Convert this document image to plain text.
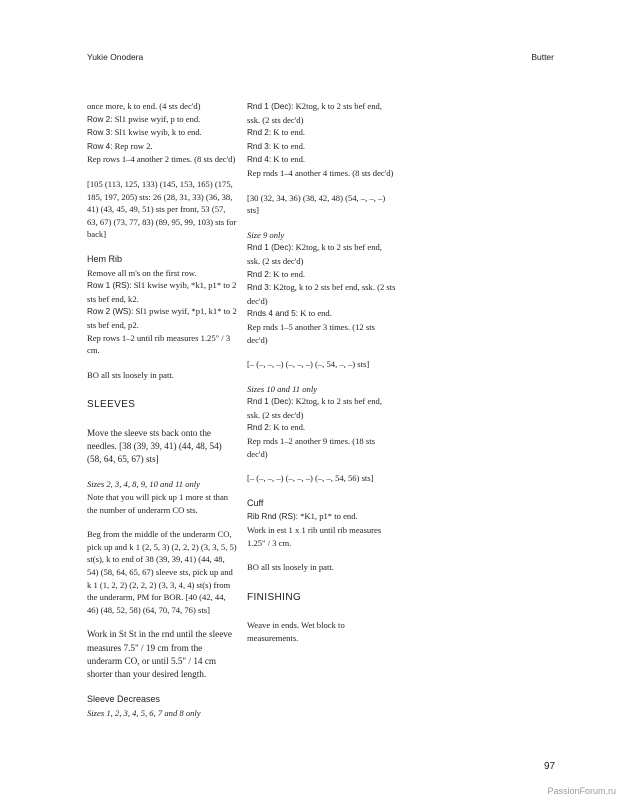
Yukie Onodera	Butter

once more, k to end. (4 sts dec'd)

Row 2: Sl1 pwise wyif, p to end.

Row 3: Sl1 kwise wyib, k to end.

Row 4: Rep row 2.

Rep rows 1–4 another 2 times. (8 sts dec'd)

[105 (113, 125, 133) (145, 153, 165) (175, 185, 197, 205) sts: 26 (28, 31, 33) (36, 38, 41) (43, 45, 49, 51) sts per front, 53 (57, 63, 67) (73, 77, 83) (89, 95, 99, 103) sts for back]

Hem Rib

Remove all m's on the first row.

Row 1 (RS): Sl1 kwise wyib, *k1, p1* to 2 sts bef end, k2.

Row 2 (WS): Sl1 pwise wyif, *p1, k1* to 2 sts bef end, p2.

Rep rows 1–2 until rib measures 1.25" / 3 cm.

BO all sts loosely in patt.

SLEEVES

Move the sleeve sts back onto the needles. [38 (39, 39, 41) (44, 48, 54) (58, 64, 65, 67) sts]

Sizes 2, 3, 4, 8, 9, 10 and 11 only

Note that you will pick up 1 more st than the number of underarm CO sts.

Beg from the middle of the underarm CO, pick up and k 1 (2, 5, 3) (2, 2, 2) (3, 3, 5, 5) st(s), k to end of 38 (39, 39, 41) (44, 48, 54) (58, 64, 65, 67) sleeve sts, pick up and k 1 (1, 2, 2) (2, 2, 2) (3, 3, 4, 4) st(s) from the underarm, PM for BOR. [40 (42, 44, 46) (48, 52, 58) (64, 70, 74, 76) sts]

Work in St St in the rnd until the sleeve measures 7.5" / 19 cm from the underarm CO, or until 5.5" / 14 cm shorter than your desired length.

Sleeve Decreases

Sizes 1, 2, 3, 4, 5, 6, 7 and 8 only

Rnd 1 (Dec): K2tog, k to 2 sts bef end, ssk. (2 sts dec'd)

Rnd 2: K to end.

Rnd 3: K to end.

Rnd 4: K to end.

Rep rnds 1–4 another 4 times. (8 sts dec'd)

[30 (32, 34, 36) (38, 42, 48) (54, –, –, –) sts]

Size 9 only

Rnd 1 (Dec): K2tog, k to 2 sts bef end, ssk. (2 sts dec'd)

Rnd 2: K to end.

Rnd 3: K2tog, k to 2 sts bef end, ssk. (2 sts dec'd)

Rnds 4 and 5: K to end.

Rep rnds 1–5 another 3 times. (12 sts dec'd)

[– (–, –, –) (–, –, –) (–, 54, –, –) sts]

Sizes 10 and 11 only

Rnd 1 (Dec): K2tog, k to 2 sts bef end, ssk. (2 sts dec'd)

Rnd 2: K to end.

Rep rnds 1–2 another 9 times. (18 sts dec'd)

[– (–, –, –) (–, –, –) (–, –, 54, 56) sts]

Cuff

Rib Rnd (RS): *K1, p1* to end.

Work in est 1 x 1 rib until rib measures 1.25" / 3 cm.

BO all sts loosely in patt.

FINISHING

Weave in ends. Wet block to measurements.

97
PassionForum.ru
